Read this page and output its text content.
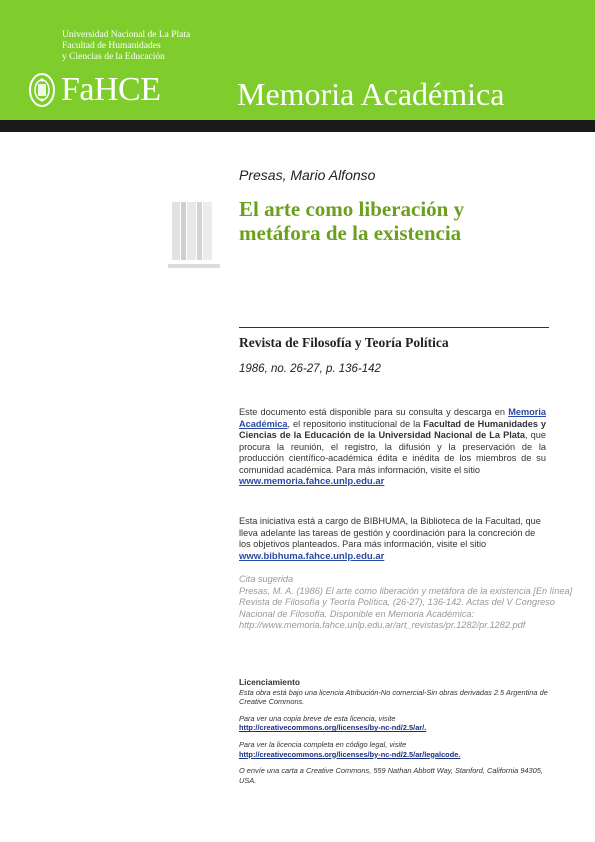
Universidad Nacional de La Plata
Facultad de Humanidades
y Ciencias de la Educación
FaHCE Memoria Académica
Presas, Mario Alfonso
El arte como liberación y
metáfora de la existencia
Revista de Filosofía y Teoría Política
1986, no. 26-27, p. 136-142
Este documento está disponible para su consulta y descarga en Memoria Académica, el repositorio institucional de la Facultad de Humanidades y Ciencias de la Educación de la Universidad Nacional de La Plata, que procura la reunión, el registro, la difusión y la preservación de la producción científico-académica édita e inédita de los miembros de su comunidad académica. Para más información, visite el sitio
www.memoria.fahce.unlp.edu.ar
Esta iniciativa está a cargo de BIBHUMA, la Biblioteca de la Facultad, que lleva adelante las tareas de gestión y coordinación para la concreción de los objetivos planteados. Para más información, visite el sitio
www.bibhuma.fahce.unlp.edu.ar
Cita sugerida
Presas, M. A. (1986) El arte como liberación y metáfora de la existencia [En línea] Revista de Filosofía y Teoría Política, (26-27), 136-142. Actas del V Congreso Nacional de Filosofía. Disponible en Memoria Académica:
http://www.memoria.fahce.unlp.edu.ar/art_revistas/pr.1282/pr.1282.pdf
Licenciamiento
Esta obra está bajo una licencia Atribución-No comercial-Sin obras derivadas 2.5 Argentina de Creative Commons.
Para ver una copia breve de esta licencia, visite
http://creativecommons.org/licenses/by-nc-nd/2.5/ar/.
Para ver la licencia completa en código legal, visite
http://creativecommons.org/licenses/by-nc-nd/2.5/ar/legalcode.
O envíe una carta a Creative Commons, 559 Nathan Abbott Way, Stanford, California 94305, USA.
